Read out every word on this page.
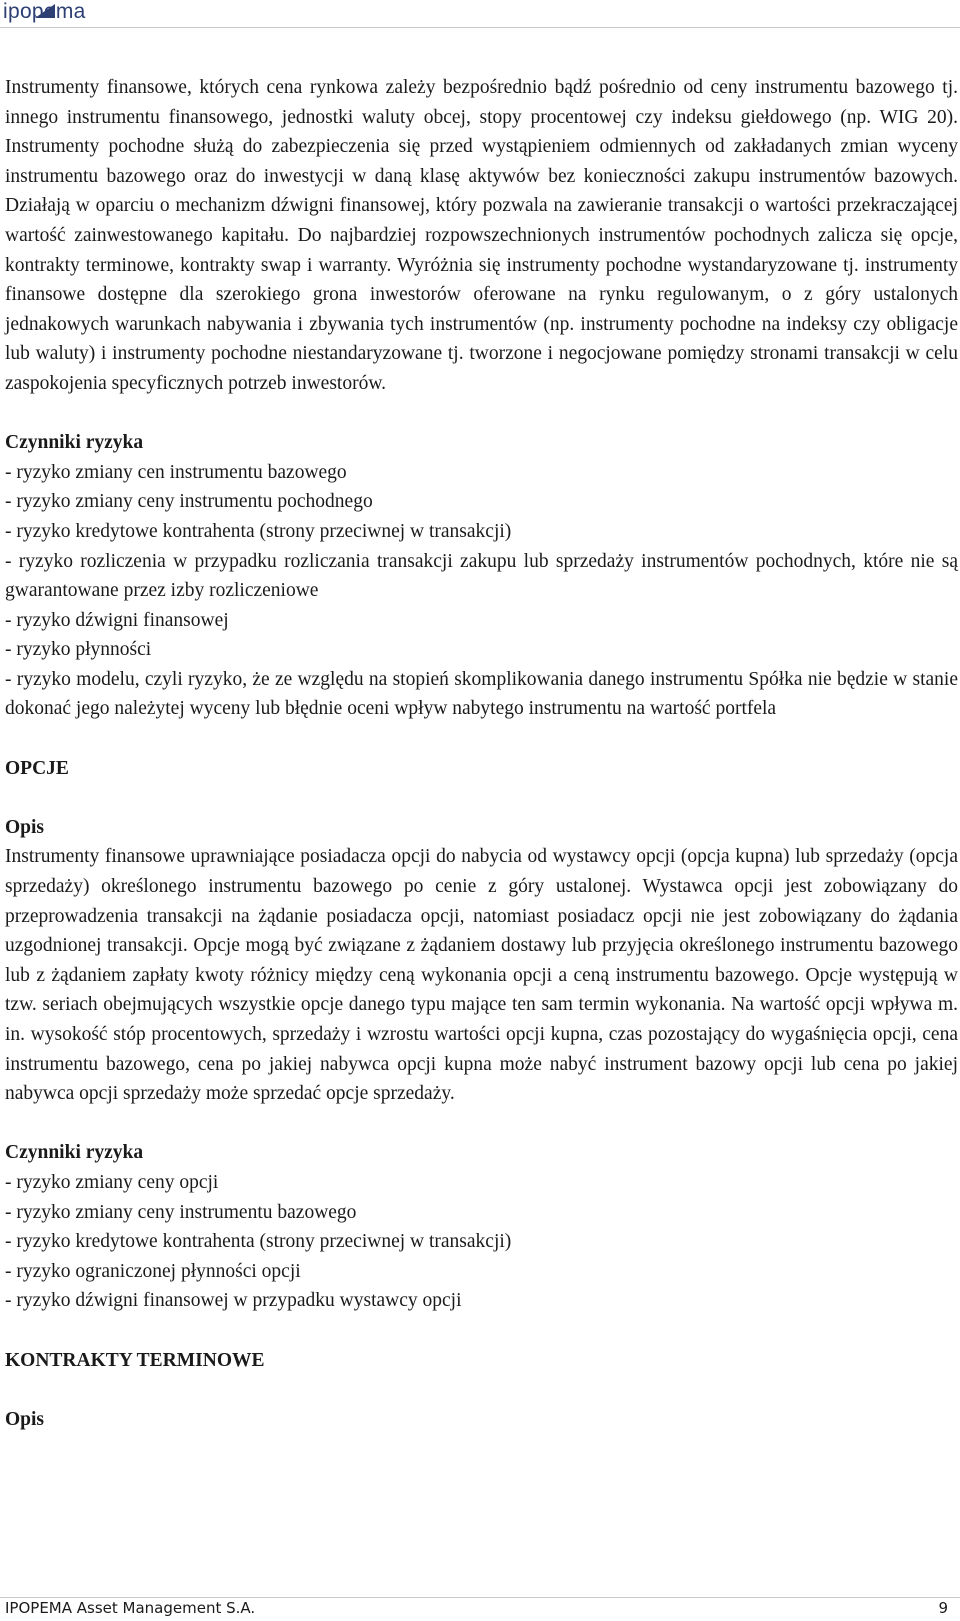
ipopema

Instrumenty finansowe, których cena rynkowa zależy bezpośrednio bądź pośrednio od ceny instrumentu bazowego tj. innego instrumentu finansowego, jednostki waluty obcej, stopy procentowej czy indeksu giełdowego (np. WIG 20). Instrumenty pochodne służą do zabezpieczenia się przed wystąpieniem odmiennych od zakładanych zmian wyceny instrumentu bazowego oraz do inwestycji w daną klasę aktywów bez konieczności zakupu instrumentów bazowych. Działają w oparciu o mechanizm dźwigni finansowej, który pozwala na zawieranie transakcji o wartości przekraczającej wartość zainwestowanego kapitału. Do najbardziej rozpowszechnionych instrumentów pochodnych zalicza się opcje, kontrakty terminowe, kontrakty swap i warranty. Wyróżnia się instrumenty pochodne wystandaryzowane tj. instrumenty finansowe dostępne dla szerokiego grona inwestorów oferowane na rynku regulowanym, o z góry ustalonych jednakowych warunkach nabywania i zbywania tych instrumentów (np. instrumenty pochodne na indeksy czy obligacje lub waluty) i instrumenty pochodne niestandaryzowane tj. tworzone i negocjowane pomiędzy stronami transakcji w celu zaspokojenia specyficznych potrzeb inwestorów.

Czynniki ryzyka

- ryzyko zmiany cen instrumentu bazowego

- ryzyko zmiany ceny instrumentu pochodnego

- ryzyko kredytowe kontrahenta (strony przeciwnej w transakcji)

- ryzyko rozliczenia w przypadku rozliczania transakcji zakupu lub sprzedaży instrumentów pochodnych, które nie są gwarantowane przez izby rozliczeniowe

- ryzyko dźwigni finansowej

- ryzyko płynności

- ryzyko modelu, czyli ryzyko, że ze względu na stopień skomplikowania danego instrumentu Spółka nie będzie w stanie dokonać jego należytej wyceny lub błędnie oceni wpływ nabytego instrumentu na wartość portfela

OPCJE

Opis

Instrumenty finansowe uprawniające posiadacza opcji do nabycia od wystawcy opcji (opcja kupna) lub sprzedaży (opcja sprzedaży) określonego instrumentu bazowego po cenie z góry ustalonej. Wystawca opcji jest zobowiązany do przeprowadzenia transakcji na żądanie posiadacza opcji, natomiast posiadacz opcji nie jest zobowiązany do żądania uzgodnionej transakcji. Opcje mogą być związane z żądaniem dostawy lub przyjęcia określonego instrumentu bazowego lub z żądaniem zapłaty kwoty różnicy między ceną wykonania opcji a ceną instrumentu bazowego. Opcje występują w tzw. seriach obejmujących wszystkie opcje danego typu mające ten sam termin wykonania. Na wartość opcji wpływa m. in. wysokość stóp procentowych, sprzedaży i wzrostu wartości opcji kupna, czas pozostający do wygaśnięcia opcji, cena instrumentu bazowego, cena po jakiej nabywca opcji kupna może nabyć instrument bazowy opcji lub cena po jakiej nabywca opcji sprzedaży może sprzedać opcje sprzedaży.

Czynniki ryzyka

- ryzyko zmiany ceny opcji

- ryzyko zmiany ceny instrumentu bazowego

- ryzyko kredytowe kontrahenta (strony przeciwnej w transakcji)

- ryzyko ograniczonej płynności opcji

- ryzyko dźwigni finansowej w przypadku wystawcy opcji

KONTRAKTY TERMINOWE

Opis

IPOPEMA Asset Management S.A.	9
